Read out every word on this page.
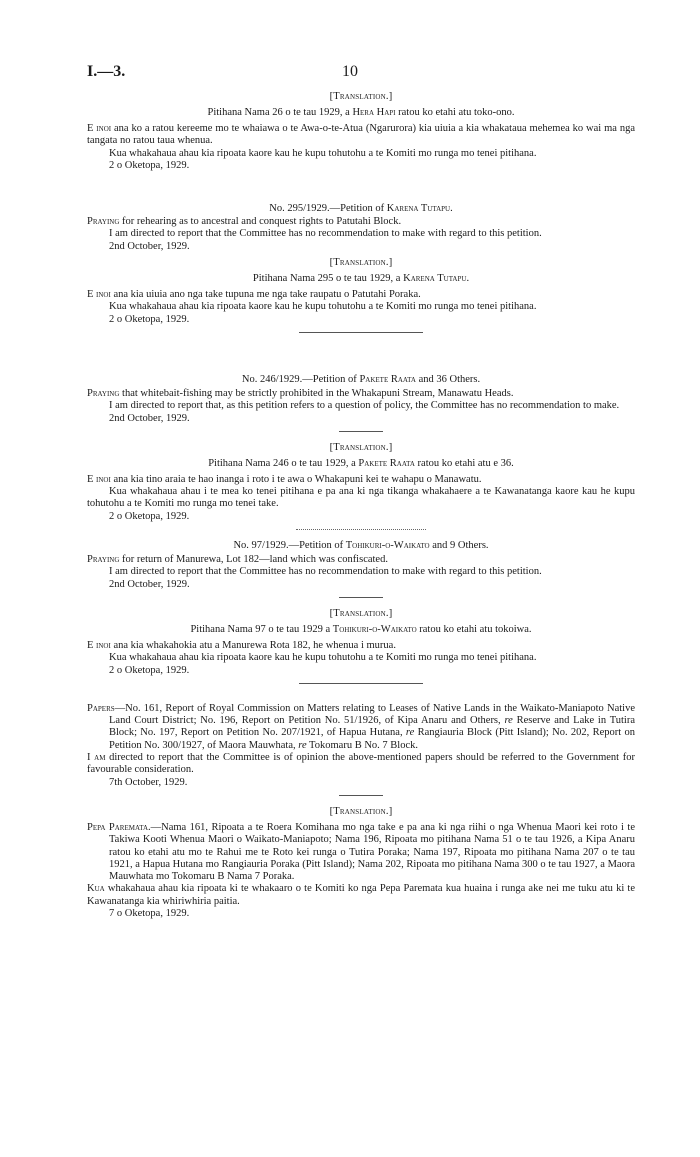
I.—3.	10
[Translation.]
Pitihana Nama 26 o te tau 1929, a Hera Hapi ratou ko etahi atu toko-ono.
E inoi ana ko a ratou kereeme mo te whaiawa o te Awa-o-te-Atua (Ngarurora) kia uiuia a kia whakataua mehemea ko wai ma nga tangata no ratou taua whenua.
Kua whakahaua ahau kia ripoata kaore kau he kupu tohutohu a te Komiti mo runga mo tenei pitihana.
2 o Oketopa, 1929.
No. 295/1929.—Petition of Karena Tutapu.
Praying for rehearing as to ancestral and conquest rights to Patutahi Block.
I am directed to report that the Committee has no recommendation to make with regard to this petition.
2nd October, 1929.
[Translation.]
Pitihana Nama 295 o te tau 1929, a Karena Tutapu.
E inoi ana kia uiuia ano nga take tupuna me nga take raupatu o Patutahi Poraka.
Kua whakahaua ahau kia ripoata kaore kau he kupu tohutohu a te Komiti mo runga mo tenei pitihana.
2 o Oketopa, 1929.
No. 246/1929.—Petition of Pakete Raata and 36 Others.
Praying that whitebait-fishing may be strictly prohibited in the Whakapuni Stream, Manawatu Heads.
I am directed to report that, as this petition refers to a question of policy, the Committee has no recommendation to make.
2nd October, 1929.
[Translation.]
Pitihana Nama 246 o te tau 1929, a Pakete Raata ratou ko etahi atu e 36.
E inoi ana kia tino araia te hao inanga i roto i te awa o Whakapuni kei te wahapu o Manawatu.
Kua whakahaua ahau i te mea ko tenei pitihana e pa ana ki nga tikanga whakahaere a te Kawanatanga kaore kau he kupu tohutohu a te Komiti mo runga mo tenei take.
2 o Oketopa, 1929.
No. 97/1929.—Petition of Tohikuri-o-Waikato and 9 Others.
Praying for return of Manurewa, Lot 182—land which was confiscated.
I am directed to report that the Committee has no recommendation to make with regard to this petition.
2nd October, 1929.
[Translation.]
Pitihana Nama 97 o te tau 1929 a Tohikuri-o-Waikato ratou ko etahi atu tokoiwa.
E inoi ana kia whakahokia atu a Manurewa Rota 182, he whenua i murua.
Kua whakahaua ahau kia ripoata kaore kau he kupu tohutohu a te Komiti mo runga mo tenei pitihana.
2 o Oketopa, 1929.
Papers—No. 161, Report of Royal Commission on Matters relating to Leases of Native Lands in the Waikato-Maniapoto Native Land Court District; No. 196, Report on Petition No. 51/1926, of Kipa Anaru and Others, re Reserve and Lake in Tutira Block; No. 197, Report on Petition No. 207/1921, of Hapua Hutana, re Rangiauria Block (Pitt Island); No. 202, Report on Petition No. 300/1927, of Maora Mauwhata, re Tokomaru B No. 7 Block.
I am directed to report that the Committee is of opinion the above-mentioned papers should be referred to the Government for favourable consideration.
7th October, 1929.
[Translation.]
Pepa Paremata.—Nama 161, Ripoata a te Roera Komihana mo nga take e pa ana ki nga riihi o nga Whenua Maori kei roto i te Takiwa Kooti Whenua Maori o Waikato-Maniapoto; Nama 196, Ripoata mo pitihana Nama 51 o te tau 1926, a Kipa Anaru ratou ko etahi atu mo te Rahui me te Roto kei runga o Tutira Poraka; Nama 197, Ripoata mo pitihana Nama 207 o te tau 1921, a Hapua Hutana mo Rangiauria Poraka (Pitt Island); Nama 202, Ripoata mo pitihana Nama 300 o te tau 1927, a Maora Mauwhata mo Tokomaru B Nama 7 Poraka.
Kua whakahaua ahau kia ripoata ki te whakaaro o te Komiti ko nga Pepa Paremata kua huaina i runga ake nei me tuku atu ki te Kawanatanga kia whiriwhiria paitia.
7 o Oketopa, 1929.
